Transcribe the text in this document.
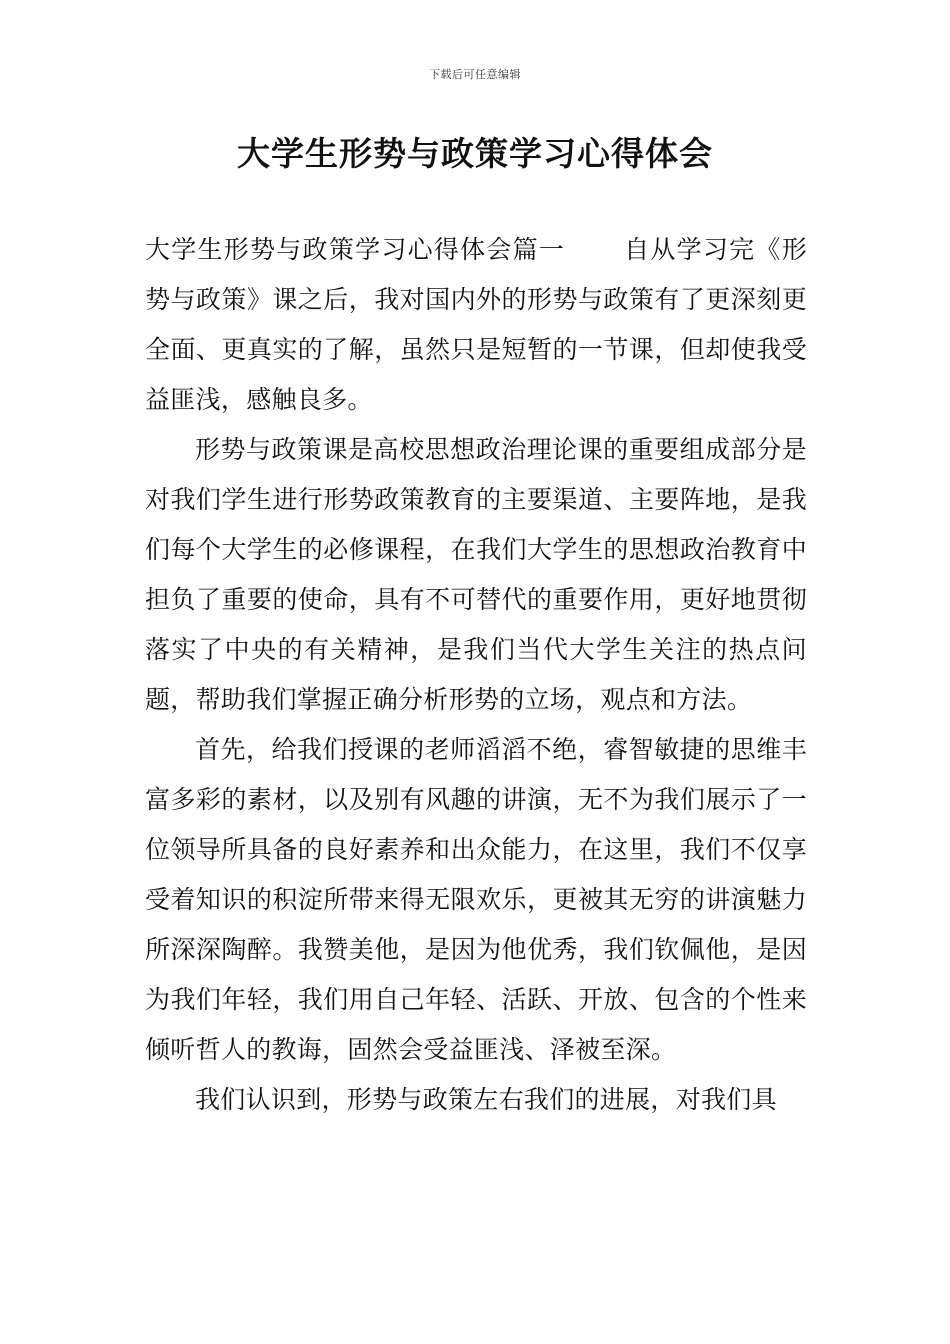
下载后可任意编辑
大学生形势与政策学习心得体会

大学生形势与政策学习心得体会篇一 自从学习完《形势与政策》课之后，我对国内外的形势与政策有了更深刻更全面、更真实的了解，虽然只是短暂的一节课，但却使我受益匪浅，感触良多。

形势与政策课是高校思想政治理论课的重要组成部分是对我们学生进行形势政策教育的主要渠道、主要阵地，是我们每个大学生的必修课程，在我们大学生的思想政治教育中担负了重要的使命，具有不可替代的重要作用，更好地贯彻落实了中央的有关精神，是我们当代大学生关注的热点问题，帮助我们掌握正确分析形势的立场，观点和方法。

首先，给我们授课的老师滔滔不绝，睿智敏捷的思维丰富多彩的素材，以及别有风趣的讲演，无不为我们展示了一位领导所具备的良好素养和出众能力，在这里，我们不仅享受着知识的积淀所带来得无限欢乐，更被其无穷的讲演魅力所深深陶醉。我赞美他，是因为他优秀，我们钦佩他，是因为我们年轻，我们用自己年轻、活跃、开放、包含的个性来倾听哲人的教诲，固然会受益匪浅、泽被至深。

我们认识到，形势与政策左右我们的进展，对我们具
